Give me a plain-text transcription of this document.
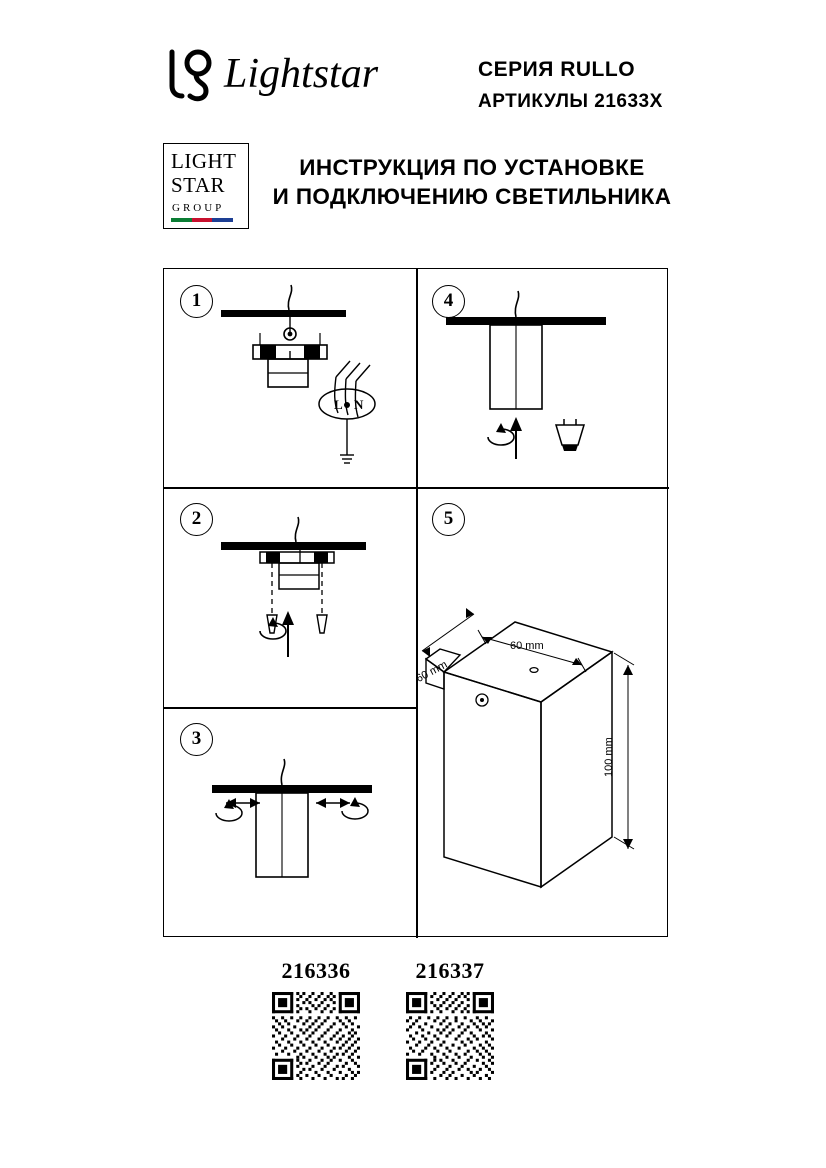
Lightstar	СЕРИЯ RULLO
АРТИКУЛЫ 21633X
LIGHT
STAR
GROUP
ИНСТРУКЦИЯ ПО УСТАНОВКЕ
И ПОДКЛЮЧЕНИЮ СВЕТИЛЬНИКА
1
2
3
4
5
L N
60 mm
60 mm
100 mm
216336	216337
